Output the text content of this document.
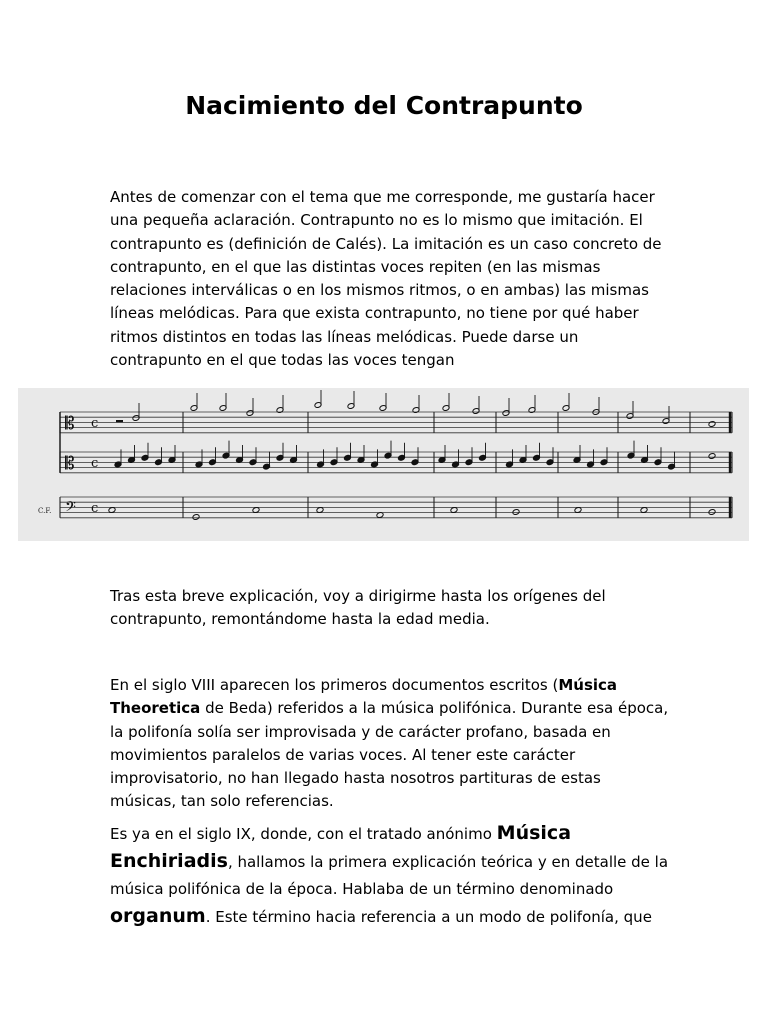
Nacimiento del Contrapunto

Antes de comenzar con el tema que me corresponde, me gustaría hacer una pequeña aclaración. Contrapunto no es lo mismo que imitación. El contrapunto es (definición de Calés). La imitación es un caso concreto de contrapunto, en el que las distintas voces repiten (en las mismas relaciones interválicas o en los mismos ritmos, o en ambas) las mismas líneas melódicas. Para que exista contrapunto, no tiene por qué haber ritmos distintos en todas las líneas melódicas. Puede darse un contrapunto en el que todas las voces tengan

C.F.
𝄡 c
𝄡 c
𝄢 c

Tras esta breve explicación, voy a dirigirme hasta los orígenes del contrapunto, remontándome hasta la edad media.

En el siglo VIII aparecen los primeros documentos escritos (Música Theoretica de Beda) referidos a la música polifónica. Durante esa época, la polifonía solía ser improvisada y de carácter profano, basada en movimientos paralelos de varias voces. Al tener este carácter improvisatorio, no han llegado hasta nosotros partituras de estas músicas, tan solo referencias.

Es ya en el siglo IX, donde, con el tratado anónimo Música Enchiriadis, hallamos la primera explicación teórica y en detalle de la música polifónica de la época. Hablaba de un término denominado organum. Este término hacia referencia a un modo de polifonía, que
